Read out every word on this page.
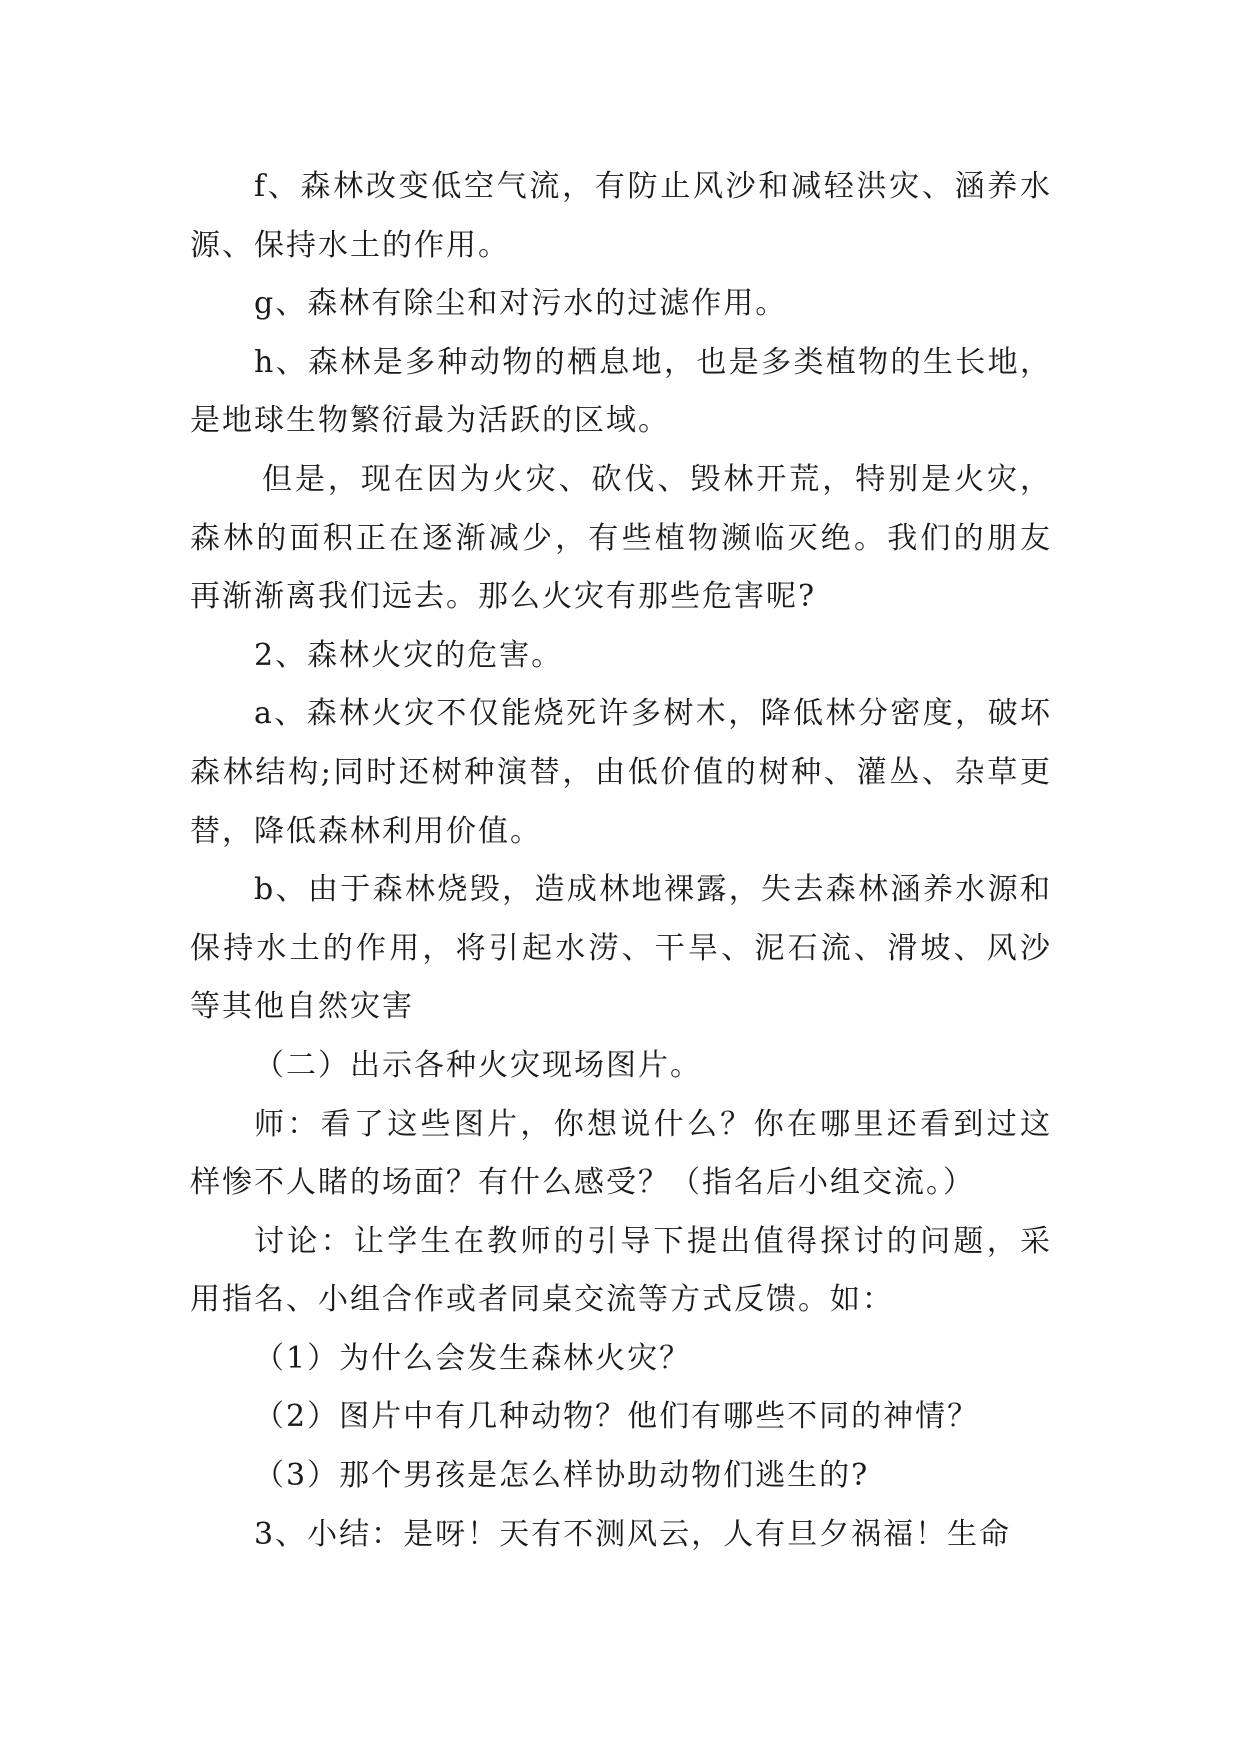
f、森林改变低空气流，有防止风沙和减轻洪灾、涵养水源、保持水土的作用。

g、森林有除尘和对污水的过滤作用。

h、森林是多种动物的栖息地，也是多类植物的生长地，是地球生物繁衍最为活跃的区域。

但是，现在因为火灾、砍伐、毁林开荒，特别是火灾，森林的面积正在逐渐减少，有些植物濒临灭绝。我们的朋友再渐渐离我们远去。那么火灾有那些危害呢?

2、森林火灾的危害。

a、森林火灾不仅能烧死许多树木，降低林分密度，破坏森林结构;同时还树种演替，由低价值的树种、灌丛、杂草更替，降低森林利用价值。

b、由于森林烧毁，造成林地裸露，失去森林涵养水源和保持水土的作用，将引起水涝、干旱、泥石流、滑坡、风沙等其他自然灾害

（二）出示各种火灾现场图片。

师：看了这些图片，你想说什么？你在哪里还看到过这样惨不人睹的场面？有什么感受？（指名后小组交流。）

讨论：让学生在教师的引导下提出值得探讨的问题，采用指名、小组合作或者同桌交流等方式反馈。如：

（1）为什么会发生森林火灾？

（2）图片中有几种动物？他们有哪些不同的神情？

（3）那个男孩是怎么样协助动物们逃生的?

3、小结：是呀！天有不测风云，人有旦夕祸福！生命
